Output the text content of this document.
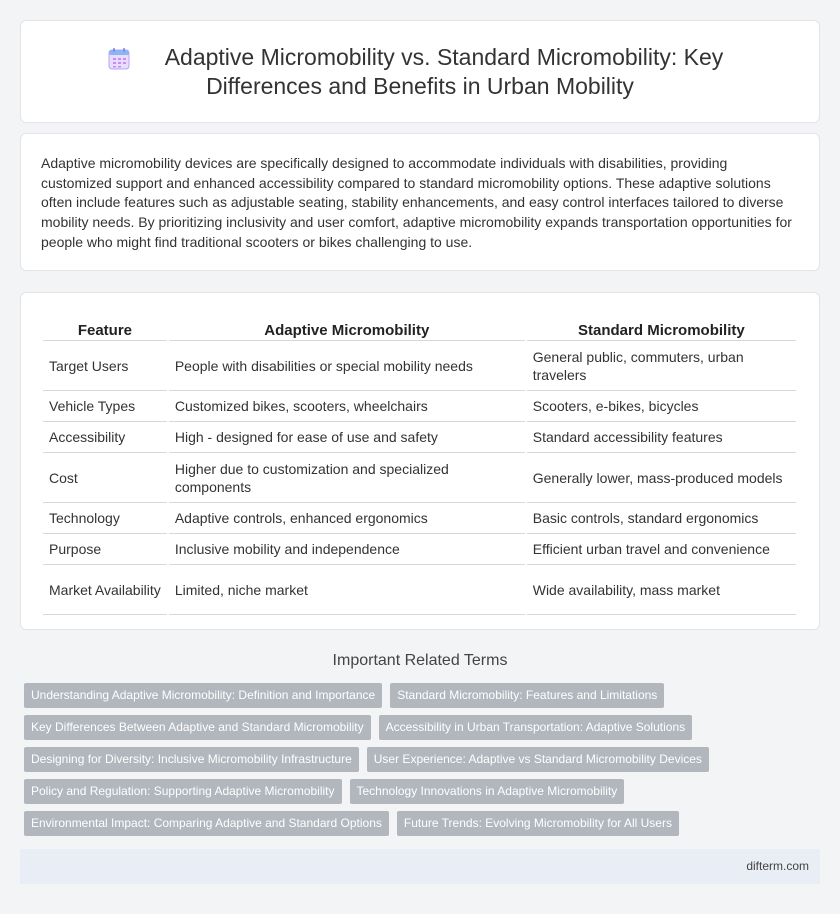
Adaptive Micromobility vs. Standard Micromobility: Key Differences and Benefits in Urban Mobility

Adaptive micromobility devices are specifically designed to accommodate individuals with disabilities, providing customized support and enhanced accessibility compared to standard micromobility options. These adaptive solutions often include features such as adjustable seating, stability enhancements, and easy control interfaces tailored to diverse mobility needs. By prioritizing inclusivity and user comfort, adaptive micromobility expands transportation opportunities for people who might find traditional scooters or bikes challenging to use.

Feature	Adaptive Micromobility	Standard Micromobility
Target Users	People with disabilities or special mobility needs	General public, commuters, urban travelers
Vehicle Types	Customized bikes, scooters, wheelchairs	Scooters, e-bikes, bicycles
Accessibility	High - designed for ease of use and safety	Standard accessibility features
Cost	Higher due to customization and specialized components	Generally lower, mass-produced models
Technology	Adaptive controls, enhanced ergonomics	Basic controls, standard ergonomics
Purpose	Inclusive mobility and independence	Efficient urban travel and convenience
Market Availability	Limited, niche market	Wide availability, mass market
Important Related Terms
Understanding Adaptive Micromobility: Definition and Importance	Standard Micromobility: Features and Limitations
Key Differences Between Adaptive and Standard Micromobility	Accessibility in Urban Transportation: Adaptive Solutions
Designing for Diversity: Inclusive Micromobility Infrastructure	User Experience: Adaptive vs Standard Micromobility Devices
Policy and Regulation: Supporting Adaptive Micromobility	Technology Innovations in Adaptive Micromobility
Environmental Impact: Comparing Adaptive and Standard Options	Future Trends: Evolving Micromobility for All Users
difterm.com
